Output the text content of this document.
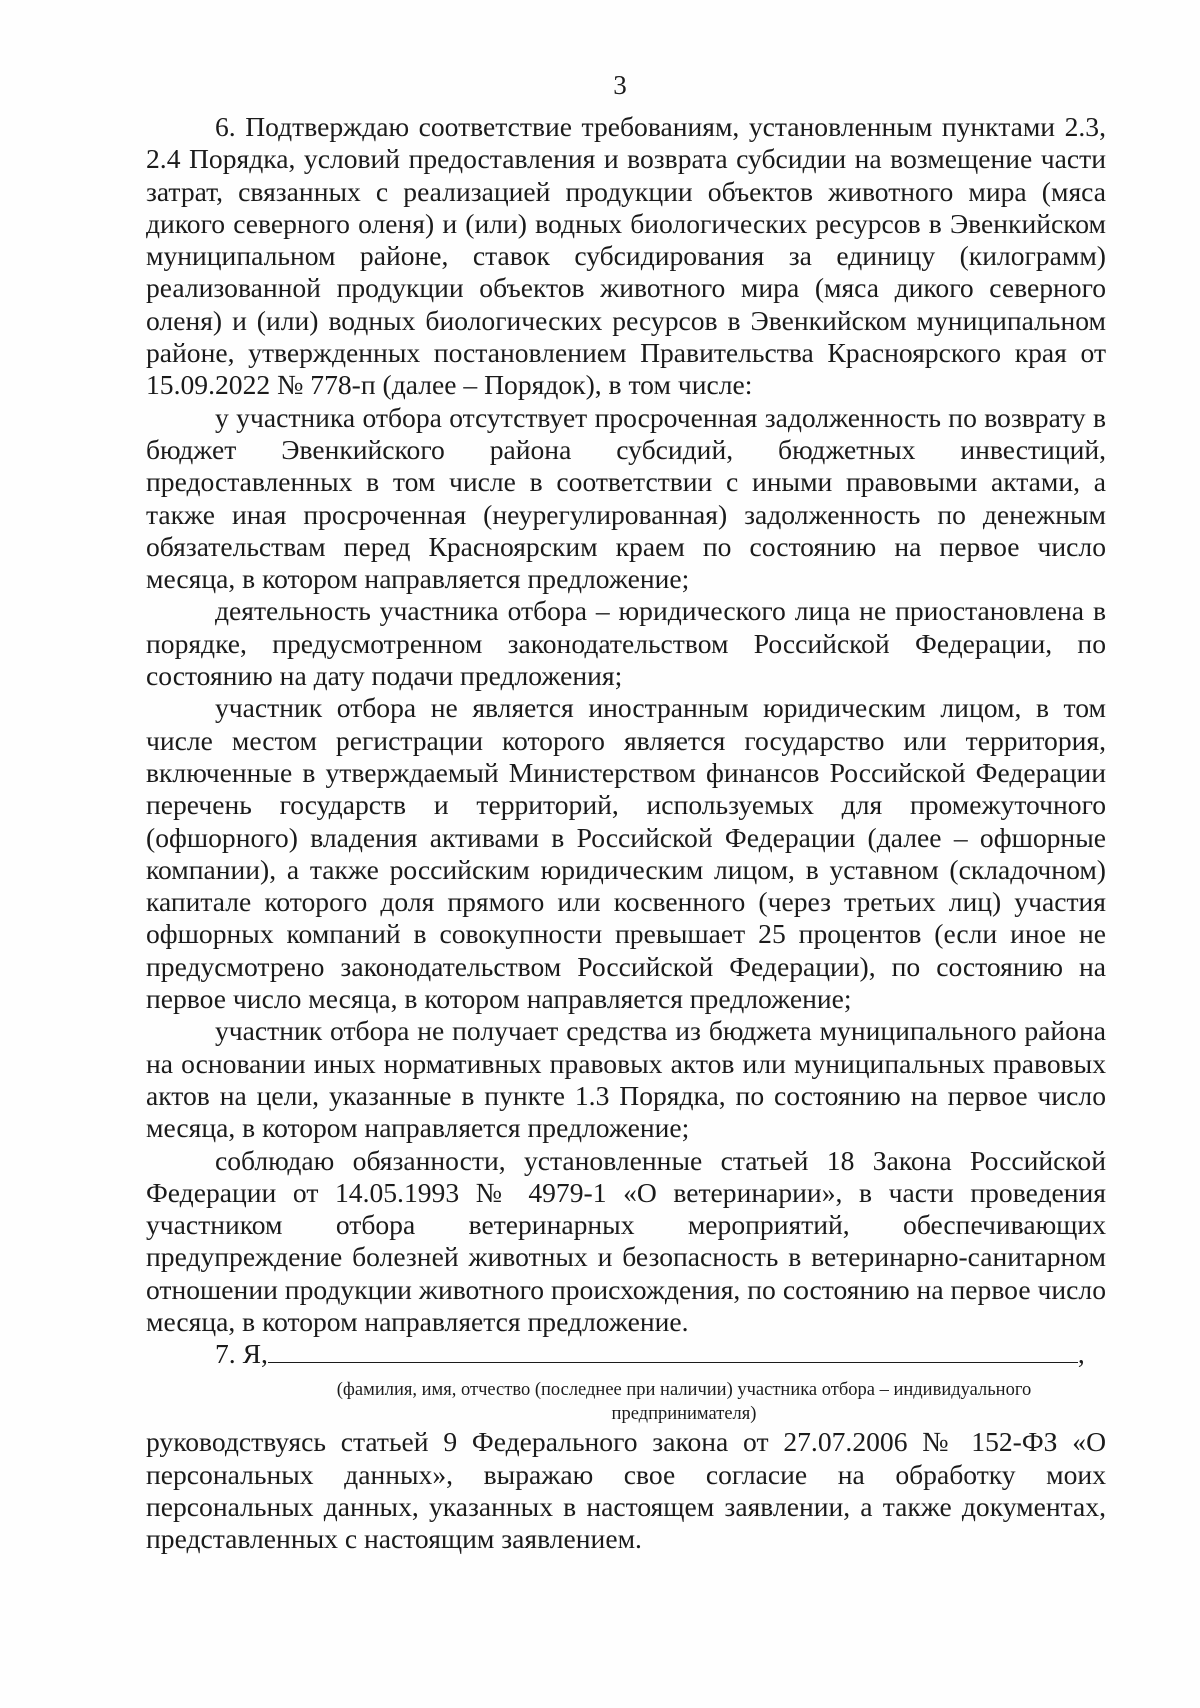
3

6. Подтверждаю соответствие требованиям, установленным пунктами 2.3, 2.4 Порядка, условий предоставления и возврата субсидии на возмещение части затрат, связанных с реализацией продукции объектов животного мира (мяса дикого северного оленя) и (или) водных биологических ресурсов в Эвенкийском муниципальном районе, ставок субсидирования за единицу (килограмм) реализованной продукции объектов животного мира (мяса дикого северного оленя) и (или) водных биологических ресурсов в Эвенкийском муниципальном районе, утвержденных постановлением Правительства Красноярского края от 15.09.2022 № 778-п (далее – Порядок), в том числе:

у участника отбора отсутствует просроченная задолженность по возврату в бюджет Эвенкийского района субсидий, бюджетных инвестиций, предоставленных в том числе в соответствии с иными правовыми актами, а также иная просроченная (неурегулированная) задолженность по денежным обязательствам перед Красноярским краем по состоянию на первое число месяца, в котором направляется предложение;

деятельность участника отбора – юридического лица не приостановлена в порядке, предусмотренном законодательством Российской Федерации, по состоянию на дату подачи предложения;

участник отбора не является иностранным юридическим лицом, в том числе местом регистрации которого является государство или территория, включенные в утверждаемый Министерством финансов Российской Федерации перечень государств и территорий, используемых для промежуточного (офшорного) владения активами в Российской Федерации (далее – офшорные компании), а также российским юридическим лицом, в уставном (складочном) капитале которого доля прямого или косвенного (через третьих лиц) участия офшорных компаний в совокупности превышает 25 процентов (если иное не предусмотрено законодательством Российской Федерации), по состоянию на первое число месяца, в котором направляется предложение;

участник отбора не получает средства из бюджета муниципального района на основании иных нормативных правовых актов или муниципальных правовых актов на цели, указанные в пункте 1.3 Порядка, по состоянию на первое число месяца, в котором направляется предложение;

соблюдаю обязанности, установленные статьей 18 Закона Российской Федерации от 14.05.1993 № 4979-1 «О ветеринарии», в части проведения участником отбора ветеринарных мероприятий, обеспечивающих предупреждение болезней животных и безопасность в ветеринарно-санитарном отношении продукции животного происхождения, по состоянию на первое число месяца, в котором направляется предложение.

7. Я,	,

(фамилия, имя, отчество (последнее при наличии) участника отбора – индивидуального
предпринимателя)

руководствуясь статьей 9 Федерального закона от 27.07.2006 № 152-ФЗ «О персональных данных», выражаю свое согласие на обработку моих персональных данных, указанных в настоящем заявлении, а также документах, представленных с настоящим заявлением.
